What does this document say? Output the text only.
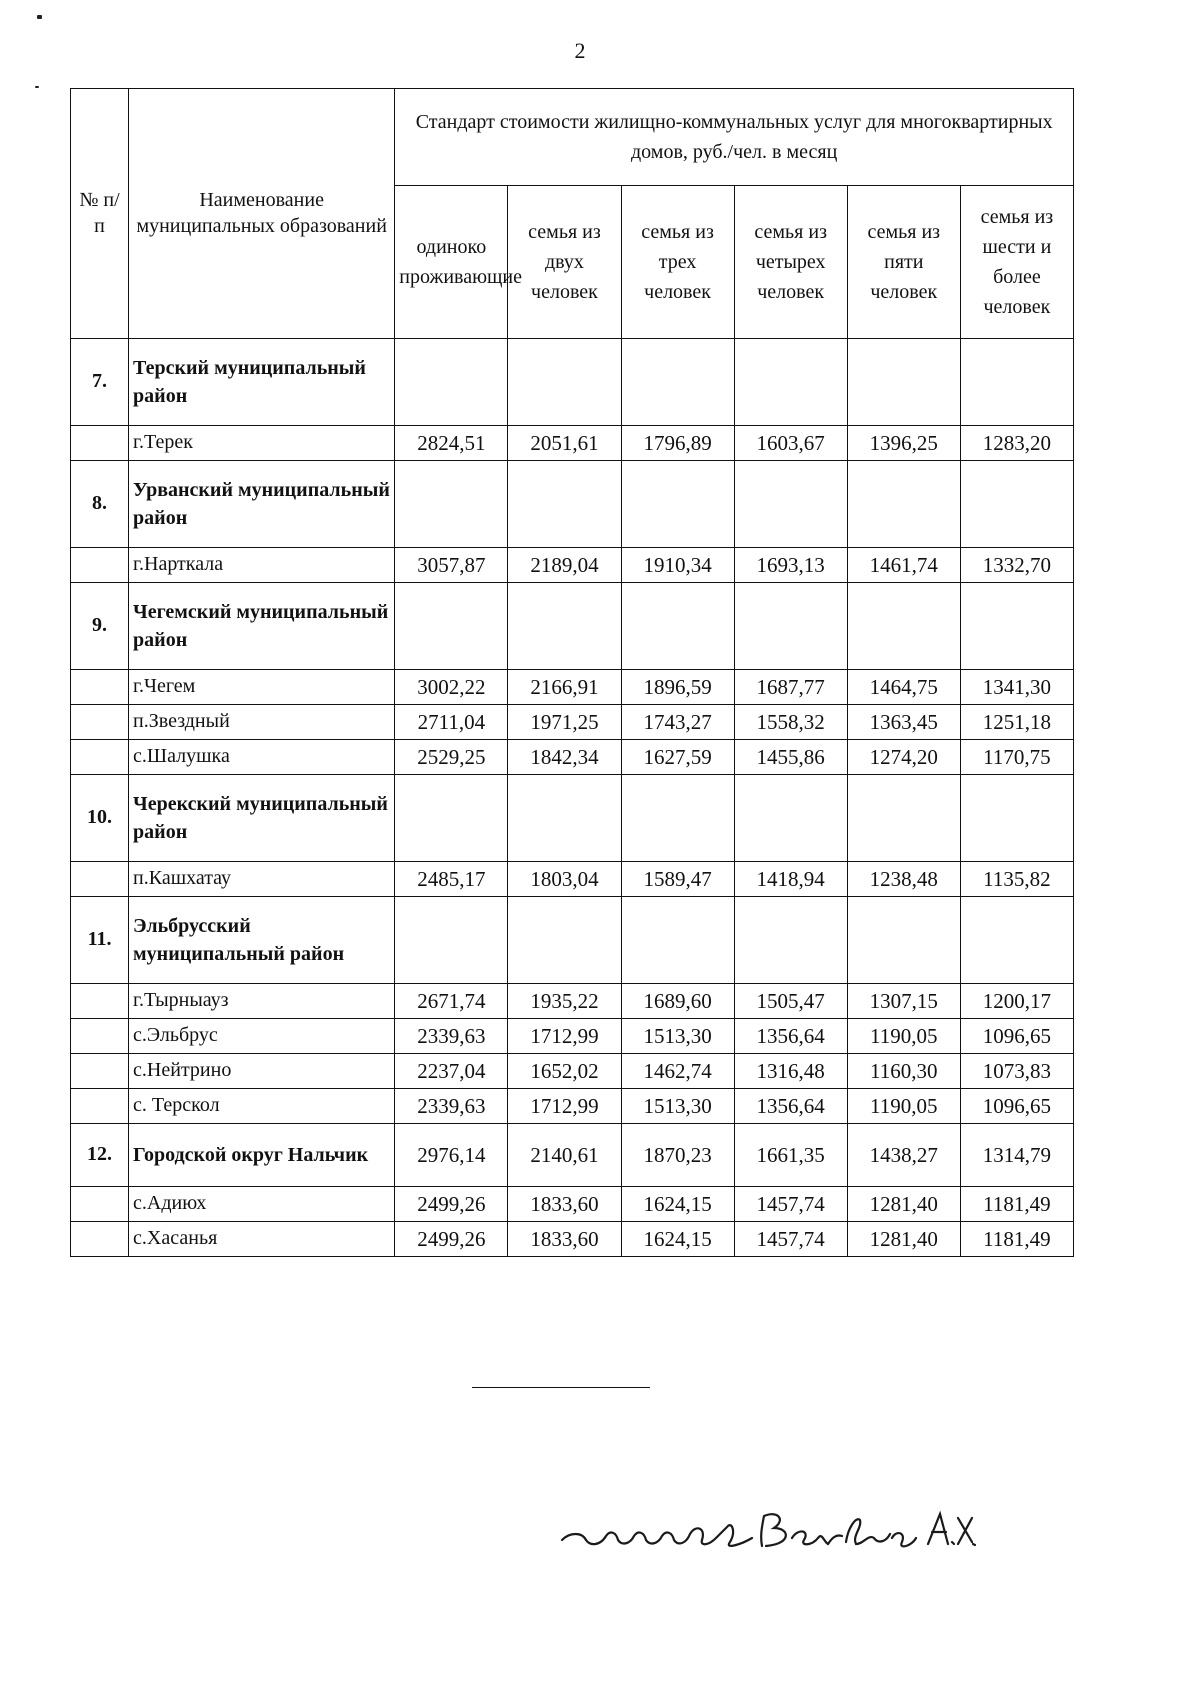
2
№ п/п	Наименование муниципальных образований	Стандарт стоимости жилищно-коммунальных услуг для многоквартирных домов, руб./чел. в месяц					
		одиноко проживающие	семья из двух человек	семья из трех человек	семья из четырех человек	семья из пяти человек	семья из шести и более человек
7.	Терский муниципальный район						
	г.Терек	2824,51	2051,61	1796,89	1603,67	1396,25	1283,20
8.	Урванский муниципальный район						
	г.Нарткала	3057,87	2189,04	1910,34	1693,13	1461,74	1332,70
9.	Чегемский муниципальный район						
	г.Чегем	3002,22	2166,91	1896,59	1687,77	1464,75	1341,30
	п.Звездный	2711,04	1971,25	1743,27	1558,32	1363,45	1251,18
	с.Шалушка	2529,25	1842,34	1627,59	1455,86	1274,20	1170,75
10.	Черекский муниципальный район						
	п.Кашхатау	2485,17	1803,04	1589,47	1418,94	1238,48	1135,82
11.	Эльбрусский муниципальный район						
	г.Тырныауз	2671,74	1935,22	1689,60	1505,47	1307,15	1200,17
	с.Эльбрус	2339,63	1712,99	1513,30	1356,64	1190,05	1096,65
	с.Нейтрино	2237,04	1652,02	1462,74	1316,48	1160,30	1073,83
	с. Терскол	2339,63	1712,99	1513,30	1356,64	1190,05	1096,65
12.	Городской округ Нальчик	2976,14	2140,61	1870,23	1661,35	1438,27	1314,79
	с.Адиюх	2499,26	1833,60	1624,15	1457,74	1281,40	1181,49
	с.Хасанья	2499,26	1833,60	1624,15	1457,74	1281,40	1181,49
